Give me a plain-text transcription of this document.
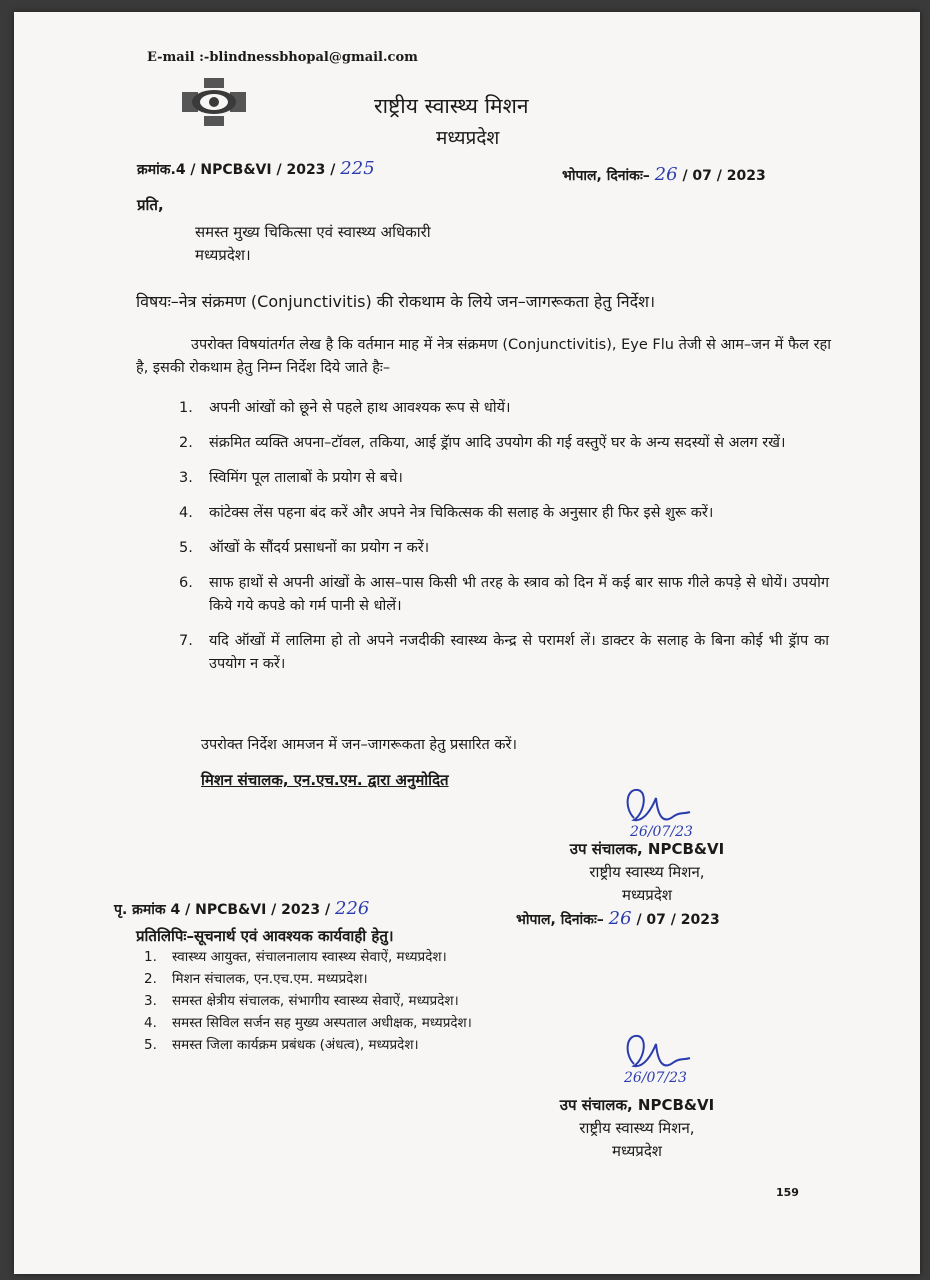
E-mail :-blindnessbhopal@gmail.com
राष्ट्रीय स्वास्थ्य मिशन
मध्यप्रदेश
क्रमांक.4 / NPCB&VI / 2023 / 225	भोपाल, दिनांकः– 26 / 07 / 2023
प्रति,
समस्त मुख्य चिकित्सा एवं स्वास्थ्य अधिकारी
मध्यप्रदेश।
विषयः–नेत्र संक्रमण (Conjunctivitis) की रोकथाम के लिये जन–जागरूकता हेतु निर्देश।
उपरोक्त विषयांतर्गत लेख है कि वर्तमान माह में नेत्र संक्रमण (Conjunctivitis), Eye Flu तेजी से आम–जन में फैल रहा है, इसकी रोकथाम हेतु निम्न निर्देश दिये जाते हैः–
1.	अपनी आंखों को छूने से पहले हाथ आवश्यक रूप से धोयें।
2.	संक्रमित व्यक्ति अपना–टॉवल, तकिया, आई ड्रॅाप आदि उपयोग की गई वस्तुऐं घर के अन्य सदस्यों से अलग रखें।
3.	स्विमिंग पूल तालाबों के प्रयोग से बचे।
4.	कांटेक्स लेंस पहना बंद करें और अपने नेत्र चिकित्सक की सलाह के अनुसार ही फिर इसे शुरू करें।
5.	ऑखों के सौंदर्य प्रसाधनों का प्रयोग न करें।
6.	साफ हाथों से अपनी आंखों के आस–पास किसी भी तरह के स्त्राव को दिन में कई बार साफ गीले कपड़े से धोयें। उपयोग किये गये कपडे को गर्म पानी से धोलें।
7.	यदि ऑखों में लालिमा हो तो अपने नजदीकी स्वास्थ्य केन्द्र से परामर्श लें। डाक्टर के सलाह के बिना कोई भी ड्रॅाप का उपयोग न करें।
उपरोक्त निर्देश आमजन में जन–जागरूकता हेतु प्रसारित करें।
मिशन संचालक, एन.एच.एम. द्वारा अनुमोदित
26/07/23
उप संचालक, NPCB&VI
राष्ट्रीय स्वास्थ्य मिशन,
मध्यप्रदेश
पृ. क्रमांक 4 / NPCB&VI / 2023 / 226
भोपाल, दिनांकः– 26 / 07 / 2023
प्रतिलिपिः–सूचनार्थ एवं आवश्यक कार्यवाही हेतु।
1.	स्वास्थ्य आयुक्त, संचालनालाय स्वास्थ्य सेवाऐं, मध्यप्रदेश।
2.	मिशन संचालक, एन.एच.एम. मध्यप्रदेश।
3.	समस्त क्षेत्रीय संचालक, संभागीय स्वास्थ्य सेवाऐं, मध्यप्रदेश।
4.	समस्त सिविल सर्जन सह मुख्य अस्पताल अधीक्षक, मध्यप्रदेश।
5.	समस्त जिला कार्यक्रम प्रबंधक (अंधत्व), मध्यप्रदेश।
26/07/23
उप संचालक, NPCB&VI
राष्ट्रीय स्वास्थ्य मिशन,
मध्यप्रदेश
159
